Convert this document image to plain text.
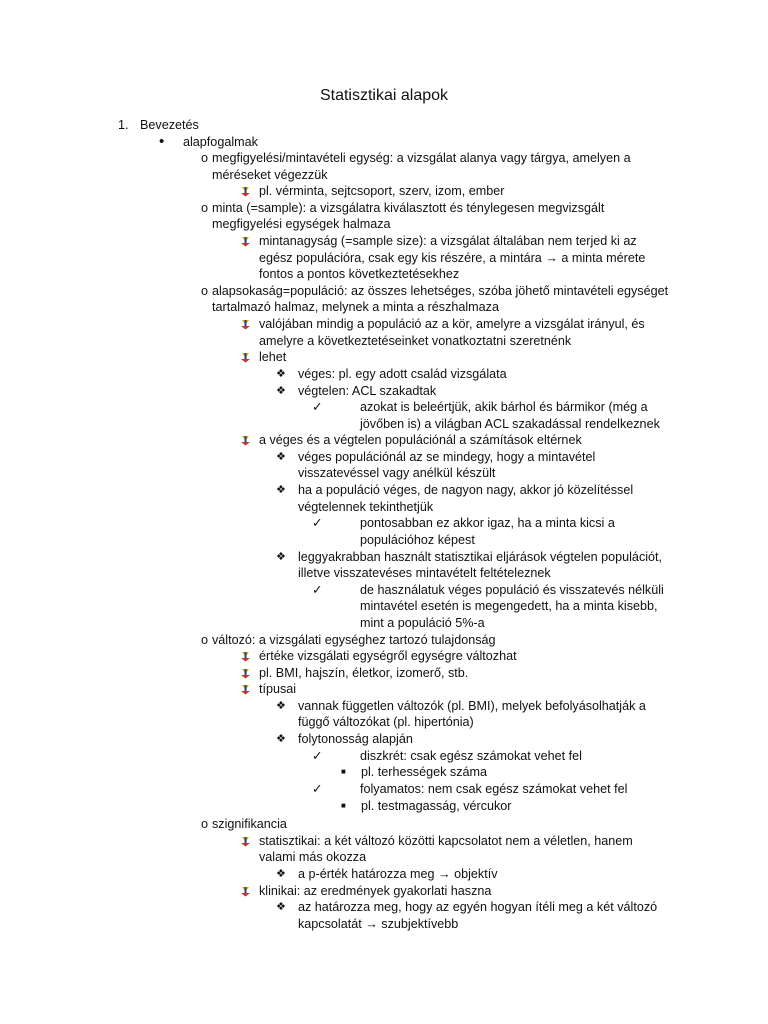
Statisztikai alapok
1. Bevezetés
•	alapfogalmak
o megfigyelési/mintavételi egység: a vizsgálat alanya vagy tárgya, amelyen a méréseket végezzük
pl. vérminta, sejtcsoport, szerv, izom, ember
o minta (=sample): a vizsgálatra kiválasztott és ténylegesen megvizsgált megfigyelési egységek halmaza
mintanagyság (=sample size): a vizsgálat általában nem terjed ki az egész populációra, csak egy kis részére, a mintára → a minta mérete fontos a pontos következtetésekhez
o alapsokaság=populáció: az összes lehetséges, szóba jöhető mintavételi egységet tartalmazó halmaz, melynek a minta a részhalmaza
valójában mindig a populáció az a kör, amelyre a vizsgálat irányul, és amelyre a következtetéseinket vonatkoztatni szeretnénk
lehet
❖ véges: pl. egy adott család vizsgálata
❖ végtelen: ACL szakadtak
✓	azokat is beleértjük, akik bárhol és bármikor (még a jövőben is) a világban ACL szakadással rendelkeznek
a véges és a végtelen populációnál a számítások eltérnek
❖ véges populációnál az se mindegy, hogy a mintavétel visszatevéssel vagy anélkül készült
❖ ha a populáció véges, de nagyon nagy, akkor jó közelítéssel végtelennek tekinthetjük
✓	pontosabban ez akkor igaz, ha a minta kicsi a populációhoz képest
❖ leggyakrabban használt statisztikai eljárások végtelen populációt, illetve visszatevéses mintavételt feltételeznek
✓	de használatuk véges populáció és visszatevés nélküli mintavétel esetén is megengedett, ha a minta kisebb, mint a populáció 5%-a
o változó: a vizsgálati egységhez tartozó tulajdonság
értéke vizsgálati egységről egységre változhat
pl. BMI, hajszín, életkor, izomerő, stb.
típusai
❖ vannak független változók (pl. BMI), melyek befolyásolhatják a függő változókat (pl. hipertónia)
❖ folytonosság alapján
✓	diszkrét: csak egész számokat vehet fel
■	pl. terhességek száma
✓	folyamatos: nem csak egész számokat vehet fel
■	pl. testmagasság, vércukor
o szignifikancia
statisztikai: a két változó közötti kapcsolatot nem a véletlen, hanem valami más okozza
❖ a p-érték határozza meg → objektív
klinikai: az eredmények gyakorlati haszna
❖ az határozza meg, hogy az egyén hogyan ítéli meg a két változó kapcsolatát → szubjektívebb
